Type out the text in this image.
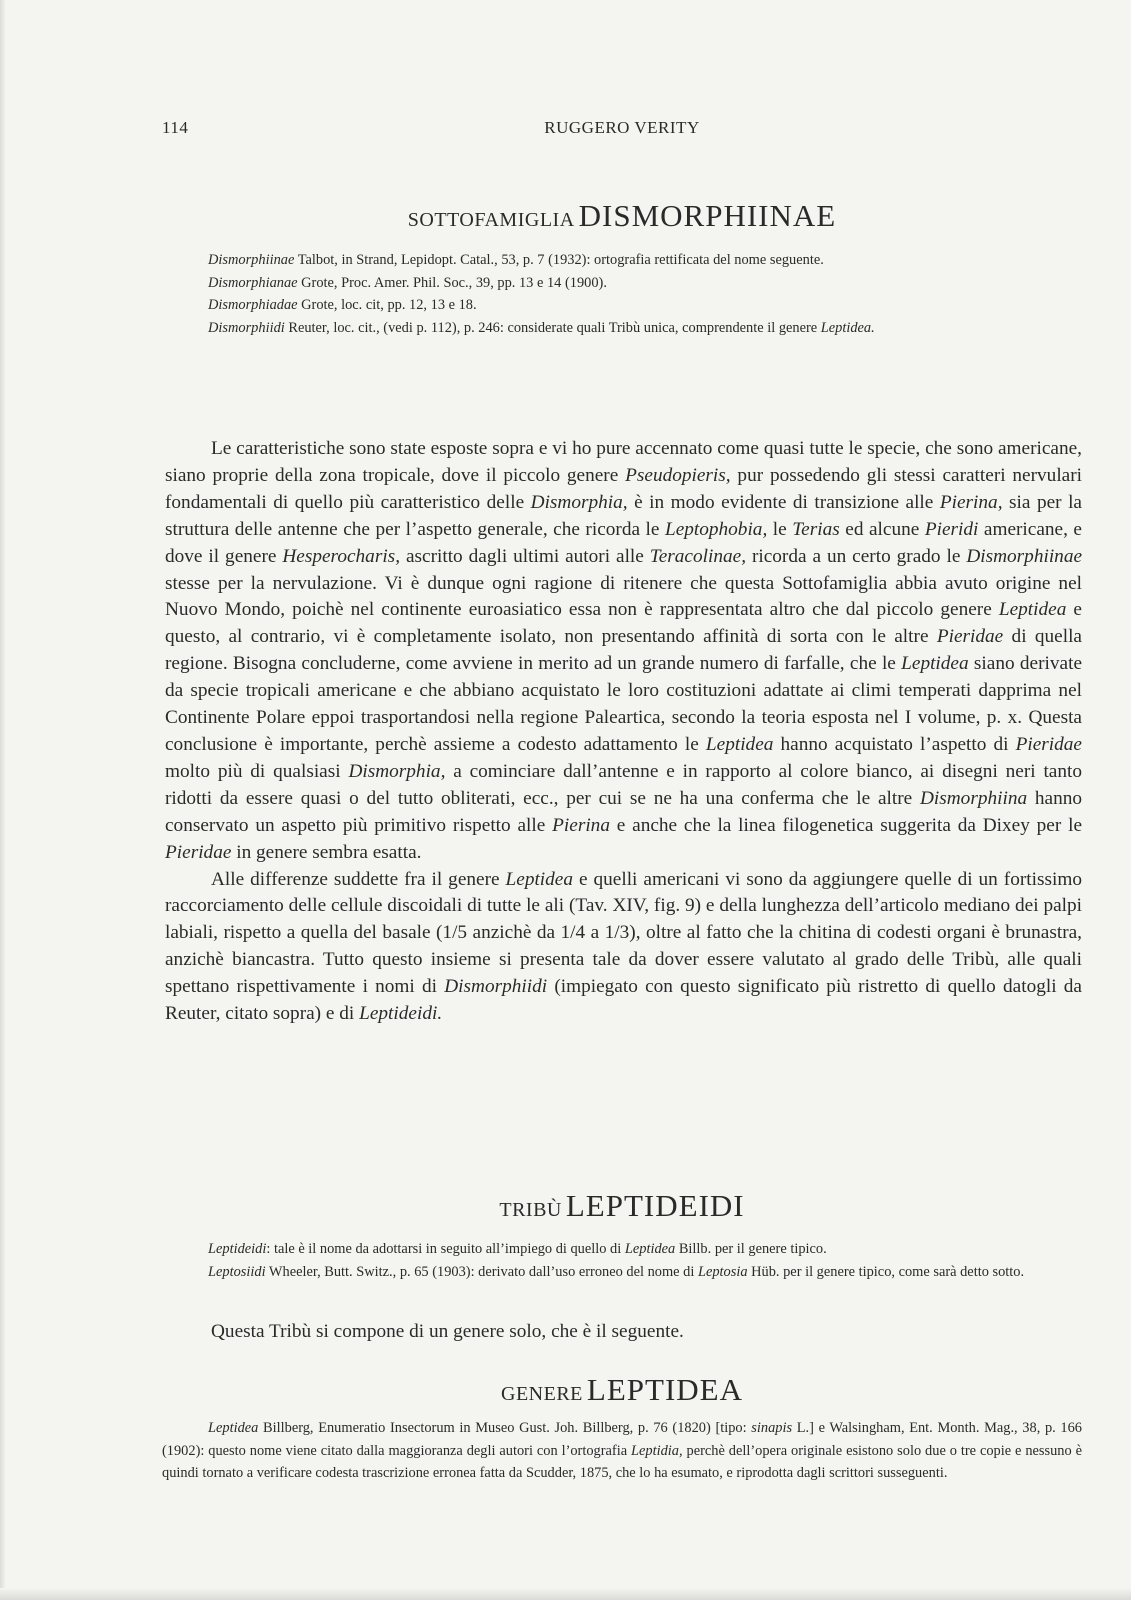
114	RUGGERO VERITY
SOTTOFAMIGLIA DISMORPHIINAE

Dismorphiinae Talbot, in Strand, Lepidopt. Catal., 53, p. 7 (1932): ortografia rettificata del nome seguente.

Dismorphianae Grote, Proc. Amer. Phil. Soc., 39, pp. 13 e 14 (1900).

Dismorphiadae Grote, loc. cit, pp. 12, 13 e 18.

Dismorphiidi Reuter, loc. cit., (vedi p. 112), p. 246: considerate quali Tribù unica, comprendente il genere Leptidea.

Le caratteristiche sono state esposte sopra e vi ho pure accennato come quasi tutte le specie, che sono americane, siano proprie della zona tropicale, dove il piccolo genere Pseudopieris, pur possedendo gli stessi caratteri nervulari fondamentali di quello più caratteristico delle Dismorphia, è in modo evidente di transizione alle Pierina, sia per la struttura delle antenne che per l’aspetto generale, che ricorda le Leptophobia, le Terias ed alcune Pieridi americane, e dove il genere Hesperocharis, ascritto dagli ultimi autori alle Teracolinae, ricorda a un certo grado le Dismorphiinae stesse per la nervulazione. Vi è dunque ogni ragione di ritenere che questa Sottofamiglia abbia avuto origine nel Nuovo Mondo, poichè nel continente euroasiatico essa non è rappresentata altro che dal piccolo genere Leptidea e questo, al contrario, vi è completamente isolato, non presentando affinità di sorta con le altre Pieridae di quella regione. Bisogna concluderne, come avviene in merito ad un grande numero di farfalle, che le Leptidea siano derivate da specie tropicali americane e che abbiano acquistato le loro costituzioni adattate ai climi temperati dapprima nel Continente Polare eppoi trasportandosi nella regione Paleartica, secondo la teoria esposta nel I volume, p. x. Questa conclusione è importante, perchè assieme a codesto adattamento le Leptidea hanno acquistato l’aspetto di Pieridae molto più di qualsiasi Dismorphia, a cominciare dall’antenne e in rapporto al colore bianco, ai disegni neri tanto ridotti da essere quasi o del tutto obliterati, ecc., per cui se ne ha una conferma che le altre Dismorphiina hanno conservato un aspetto più primitivo rispetto alle Pierina e anche che la linea filogenetica suggerita da Dixey per le Pieridae in genere sembra esatta.

Alle differenze suddette fra il genere Leptidea e quelli americani vi sono da aggiungere quelle di un fortissimo raccorciamento delle cellule discoidali di tutte le ali (Tav. XIV, fig. 9) e della lunghezza dell’articolo mediano dei palpi labiali, rispetto a quella del basale (1/5 anzichè da 1/4 a 1/3), oltre al fatto che la chitina di codesti organi è brunastra, anzichè biancastra. Tutto questo insieme si presenta tale da dover essere valutato al grado delle Tribù, alle quali spettano rispettivamente i nomi di Dismorphiidi (impiegato con questo significato più ristretto di quello datogli da Reuter, citato sopra) e di Leptideidi.

TRIBÙ LEPTIDEIDI

Leptideidi: tale è il nome da adottarsi in seguito all’impiego di quello di Leptidea Billb. per il genere tipico.

Leptosiidi Wheeler, Butt. Switz., p. 65 (1903): derivato dall’uso erroneo del nome di Leptosia Hüb. per il genere tipico, come sarà detto sotto.

Questa Tribù si compone di un genere solo, che è il seguente.

GENERE LEPTIDEA

Leptidea Billberg, Enumeratio Insectorum in Museo Gust. Joh. Billberg, p. 76 (1820) [tipo: sinapis L.] e Walsingham, Ent. Month. Mag., 38, p. 166 (1902): questo nome viene citato dalla maggioranza degli autori con l’ortografia Leptidia, perchè dell’opera originale esistono solo due o tre copie e nessuno è quindi tornato a verificare codesta trascrizione erronea fatta da Scudder, 1875, che lo ha esumato, e riprodotta dagli scrittori susseguenti.
